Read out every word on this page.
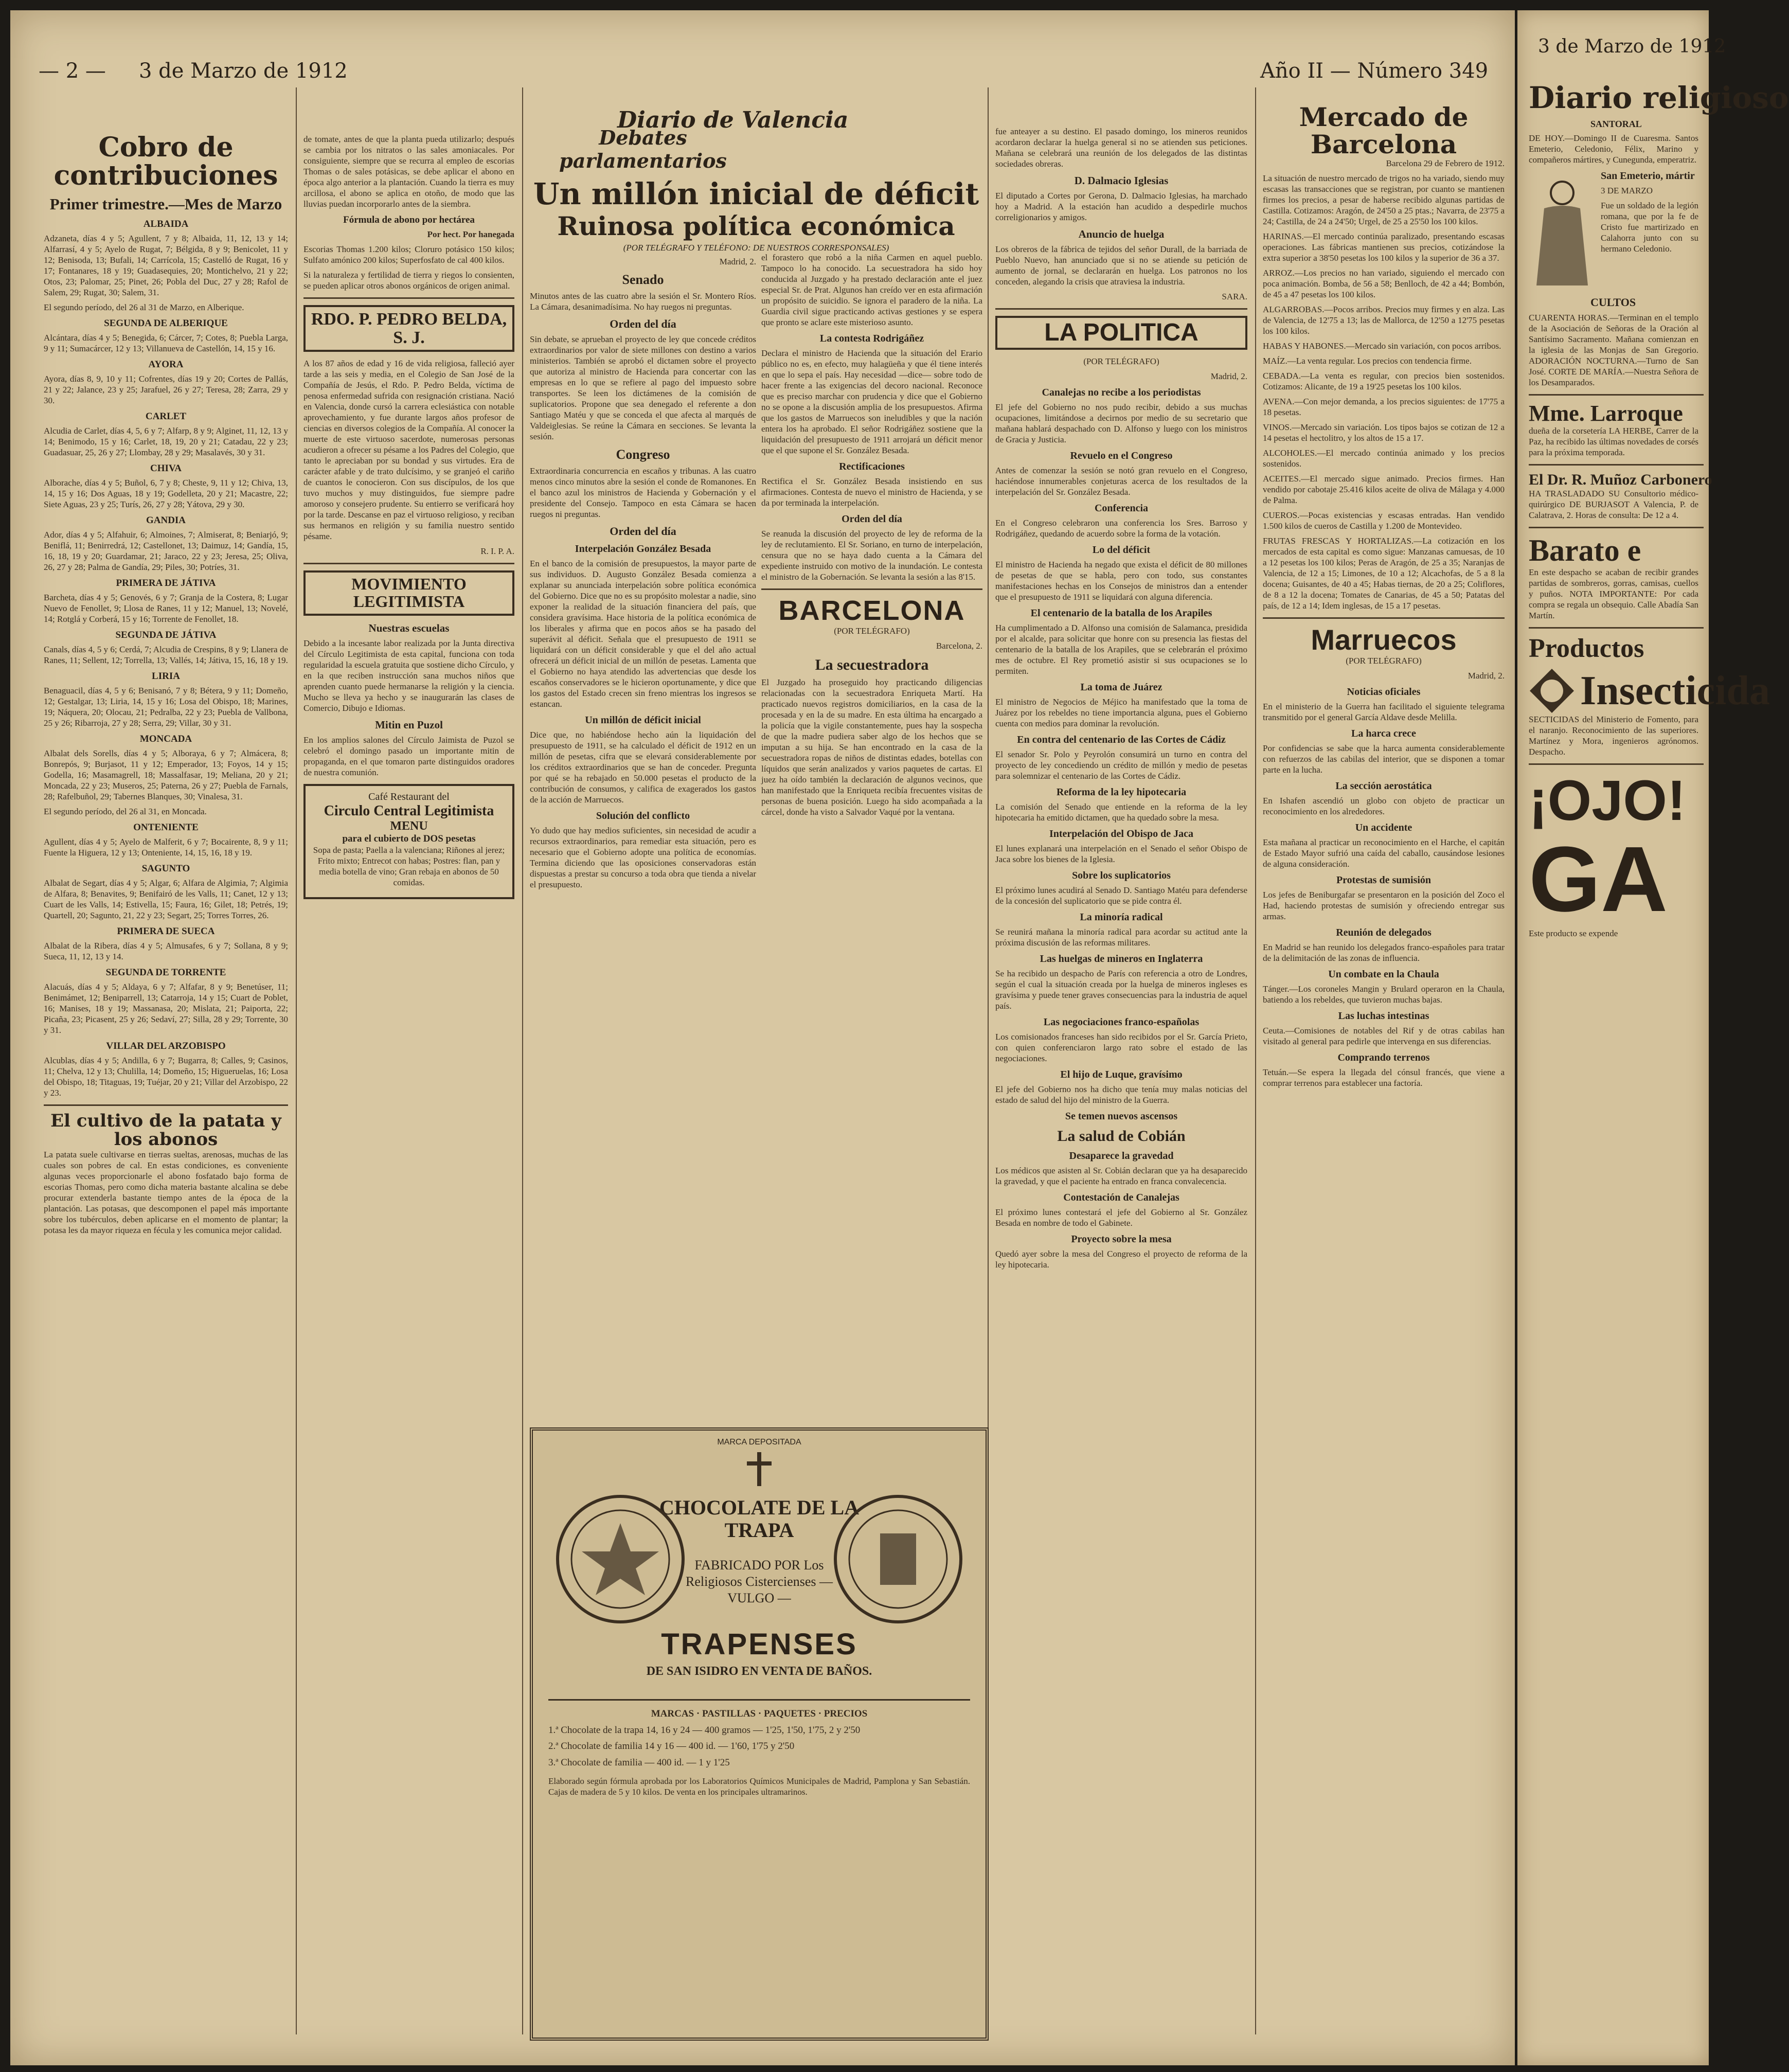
— 2 — 3 de Marzo de 1912
Diario de Valencia
Año II — Número 349
Cobro de contribuciones
Primer trimestre.—Mes de Marzo
ALBAIDA

Adzaneta, días 4 y 5; Agullent, 7 y 8; Albaida, 11, 12, 13 y 14; Alfarrasí, 4 y 5; Ayelo de Rugat, 7; Bélgida, 8 y 9; Benicolet, 11 y 12; Benisoda, 13; Bufali, 14; Carrícola, 15; Castelló de Rugat, 16 y 17; Fontanares, 18 y 19; Guadasequies, 20; Montichelvo, 21 y 22; Otos, 23; Palomar, 25; Pinet, 26; Pobla del Duc, 27 y 28; Rafol de Salem, 29; Rugat, 30; Salem, 31.

El segundo período, del 26 al 31 de Marzo, en Alberique.

SEGUNDA DE ALBERIQUE

Alcántara, días 4 y 5; Benegida, 6; Cárcer, 7; Cotes, 8; Puebla Larga, 9 y 11; Sumacárcer, 12 y 13; Villanueva de Castellón, 14, 15 y 16.

AYORA

Ayora, días 8, 9, 10 y 11; Cofrentes, días 19 y 20; Cortes de Pallás, 21 y 22; Jalance, 23 y 25; Jarafuel, 26 y 27; Teresa, 28; Zarra, 29 y 30.

CARLET

Alcudia de Carlet, días 4, 5, 6 y 7; Alfarp, 8 y 9; Alginet, 11, 12, 13 y 14; Benimodo, 15 y 16; Carlet, 18, 19, 20 y 21; Catadau, 22 y 23; Guadasuar, 25, 26 y 27; Llombay, 28 y 29; Masalavés, 30 y 31.

CHIVA

Alborache, días 4 y 5; Buñol, 6, 7 y 8; Cheste, 9, 11 y 12; Chiva, 13, 14, 15 y 16; Dos Aguas, 18 y 19; Godelleta, 20 y 21; Macastre, 22; Siete Aguas, 23 y 25; Turís, 26, 27 y 28; Yátova, 29 y 30.

GANDIA

Ador, días 4 y 5; Alfahuir, 6; Almoines, 7; Almiserat, 8; Beniarjó, 9; Beniflá, 11; Benirredrá, 12; Castellonet, 13; Daimuz, 14; Gandía, 15, 16, 18, 19 y 20; Guardamar, 21; Jaraco, 22 y 23; Jeresa, 25; Oliva, 26, 27 y 28; Palma de Gandía, 29; Piles, 30; Potríes, 31.

PRIMERA DE JÁTIVA

Barcheta, días 4 y 5; Genovés, 6 y 7; Granja de la Costera, 8; Lugar Nuevo de Fenollet, 9; Llosa de Ranes, 11 y 12; Manuel, 13; Novelé, 14; Rotglá y Corberá, 15 y 16; Torrente de Fenollet, 18.

SEGUNDA DE JÁTIVA

Canals, días 4, 5 y 6; Cerdá, 7; Alcudia de Crespins, 8 y 9; Llanera de Ranes, 11; Sellent, 12; Torrella, 13; Vallés, 14; Játiva, 15, 16, 18 y 19.

LIRIA

Benaguacil, días 4, 5 y 6; Benisanó, 7 y 8; Bétera, 9 y 11; Domeño, 12; Gestalgar, 13; Liria, 14, 15 y 16; Losa del Obispo, 18; Marines, 19; Náquera, 20; Olocau, 21; Pedralba, 22 y 23; Puebla de Vallbona, 25 y 26; Ribarroja, 27 y 28; Serra, 29; Villar, 30 y 31.

MONCADA

Albalat dels Sorells, días 4 y 5; Alboraya, 6 y 7; Almácera, 8; Bonrepós, 9; Burjasot, 11 y 12; Emperador, 13; Foyos, 14 y 15; Godella, 16; Masamagrell, 18; Massalfasar, 19; Meliana, 20 y 21; Moncada, 22 y 23; Museros, 25; Paterna, 26 y 27; Puebla de Farnals, 28; Rafelbuñol, 29; Tabernes Blanques, 30; Vinalesa, 31.

El segundo período, del 26 al 31, en Moncada.

ONTENIENTE

Agullent, días 4 y 5; Ayelo de Malferit, 6 y 7; Bocairente, 8, 9 y 11; Fuente la Higuera, 12 y 13; Onteniente, 14, 15, 16, 18 y 19.

SAGUNTO

Albalat de Segart, días 4 y 5; Algar, 6; Alfara de Algimia, 7; Algimia de Alfara, 8; Benavites, 9; Benifairó de les Valls, 11; Canet, 12 y 13; Cuart de les Valls, 14; Estivella, 15; Faura, 16; Gilet, 18; Petrés, 19; Quartell, 20; Sagunto, 21, 22 y 23; Segart, 25; Torres Torres, 26.

PRIMERA DE SUECA

Albalat de la Ribera, días 4 y 5; Almusafes, 6 y 7; Sollana, 8 y 9; Sueca, 11, 12, 13 y 14.

SEGUNDA DE TORRENTE

Alacuás, días 4 y 5; Aldaya, 6 y 7; Alfafar, 8 y 9; Benetúser, 11; Benimámet, 12; Beniparrell, 13; Catarroja, 14 y 15; Cuart de Poblet, 16; Manises, 18 y 19; Massanasa, 20; Mislata, 21; Paiporta, 22; Picaña, 23; Picasent, 25 y 26; Sedaví, 27; Silla, 28 y 29; Torrente, 30 y 31.

VILLAR DEL ARZOBISPO

Alcublas, días 4 y 5; Andilla, 6 y 7; Bugarra, 8; Calles, 9; Casinos, 11; Chelva, 12 y 13; Chulilla, 14; Domeño, 15; Higueruelas, 16; Losa del Obispo, 18; Titaguas, 19; Tuéjar, 20 y 21; Villar del Arzobispo, 22 y 23.

El cultivo de la patata y los abonos

La patata suele cultivarse en tierras sueltas, arenosas, muchas de las cuales son pobres de cal. En estas condiciones, es conveniente algunas veces proporcionarle el abono fosfatado bajo forma de escorias Thomas, pero como dicha materia bastante alcalina se debe procurar extenderla bastante tiempo antes de la época de la plantación. Las potasas, que descomponen el papel más importante sobre los tubérculos, deben aplicarse en el momento de plantar; la potasa les da mayor riqueza en fécula y les comunica mejor calidad.

de tomate, antes de que la planta pueda utilizarlo; después se cambia por los nitratos o las sales amoniacales. Por consiguiente, siempre que se recurra al empleo de escorias Thomas o de sales potásicas, se debe aplicar el abono en época algo anterior a la plantación. Cuando la tierra es muy arcillosa, el abono se aplica en otoño, de modo que las lluvias puedan incorporarlo antes de la siembra.

Fórmula de abono por hectárea
Por hect. Por hanegada

Escorias Thomas 1.200 kilos; Cloruro potásico 150 kilos; Sulfato amónico 200 kilos; Superfosfato de cal 400 kilos.

Si la naturaleza y fertilidad de tierra y riegos lo consienten, se pueden aplicar otros abonos orgánicos de origen animal.

RDO. P. PEDRO BELDA, S. J.

A los 87 años de edad y 16 de vida religiosa, falleció ayer tarde a las seis y media, en el Colegio de San José de la Compañía de Jesús, el Rdo. P. Pedro Belda, víctima de penosa enfermedad sufrida con resignación cristiana. Nació en Valencia, donde cursó la carrera eclesiástica con notable aprovechamiento, y fue durante largos años profesor de ciencias en diversos colegios de la Compañía. Al conocer la muerte de este virtuoso sacerdote, numerosas personas acudieron a ofrecer su pésame a los Padres del Colegio, que tanto le apreciaban por su bondad y sus virtudes. Era de carácter afable y de trato dulcísimo, y se granjeó el cariño de cuantos le conocieron. Con sus discípulos, de los que tuvo muchos y muy distinguidos, fue siempre padre amoroso y consejero prudente. Su entierro se verificará hoy por la tarde. Descanse en paz el virtuoso religioso, y reciban sus hermanos en religión y su familia nuestro sentido pésame.

R. I. P. A.

MOVIMIENTO LEGITIMISTA
Nuestras escuelas

Debido a la incesante labor realizada por la Junta directiva del Círculo Legitimista de esta capital, funciona con toda regularidad la escuela gratuita que sostiene dicho Círculo, y en la que reciben instrucción sana muchos niños que aprenden cuanto puede hermanarse la religión y la ciencia. Mucho se lleva ya hecho y se inaugurarán las clases de Comercio, Dibujo e Idiomas.

Mitin en Puzol

En los amplios salones del Círculo Jaimista de Puzol se celebró el domingo pasado un importante mitin de propaganda, en el que tomaron parte distinguidos oradores de nuestra comunión.

Café Restaurant del
Circulo Central Legitimista
MENU
para el cubierto de DOS pesetas
Sopa de pasta; Paella a la valenciana; Riñones al jerez; Frito mixto; Entrecot con habas; Postres: flan, pan y media botella de vino; Gran rebaja en abonos de 50 comidas.
Debates parlamentarios
Un millón inicial de déficit
Ruinosa política económica
(POR TELÉGRAFO Y TELÉFONO: DE NUESTROS CORRESPONSALES)
Madrid, 2.
Senado

Minutos antes de las cuatro abre la sesión el Sr. Montero Ríos. La Cámara, desanimadísima. No hay ruegos ni preguntas.

Orden del día

Sin debate, se aprueban el proyecto de ley que concede créditos extraordinarios por valor de siete millones con destino a varios ministerios. También se aprobó el dictamen sobre el proyecto que autoriza al ministro de Hacienda para concertar con las empresas en lo que se refiere al pago del impuesto sobre transportes. Se leen los dictámenes de la comisión de suplicatorios. Propone que sea denegado el referente a don Santiago Matéu y que se conceda el que afecta al marqués de Valdeiglesias. Se reúne la Cámara en secciones. Se levanta la sesión.

Congreso

Extraordinaria concurrencia en escaños y tribunas. A las cuatro menos cinco minutos abre la sesión el conde de Romanones. En el banco azul los ministros de Hacienda y Gobernación y el presidente del Consejo. Tampoco en esta Cámara se hacen ruegos ni preguntas.

Orden del día
Interpelación González Besada

En el banco de la comisión de presupuestos, la mayor parte de sus individuos. D. Augusto González Besada comienza a explanar su anunciada interpelación sobre política económica del Gobierno. Dice que no es su propósito molestar a nadie, sino exponer la realidad de la situación financiera del país, que considera gravísima. Hace historia de la política económica de los liberales y afirma que en pocos años se ha pasado del superávit al déficit. Señala que el presupuesto de 1911 se liquidará con un déficit considerable y que el del año actual ofrecerá un déficit inicial de un millón de pesetas. Lamenta que el Gobierno no haya atendido las advertencias que desde los escaños conservadores se le hicieron oportunamente, y dice que los gastos del Estado crecen sin freno mientras los ingresos se estancan.

Un millón de déficit inicial

Dice que, no habiéndose hecho aún la liquidación del presupuesto de 1911, se ha calculado el déficit de 1912 en un millón de pesetas, cifra que se elevará considerablemente por los créditos extraordinarios que se han de conceder. Pregunta por qué se ha rebajado en 50.000 pesetas el producto de la contribución de consumos, y califica de exagerados los gastos de la acción de Marruecos.

Solución del conflicto

Yo dudo que hay medios suficientes, sin necesidad de acudir a recursos extraordinarios, para remediar esta situación, pero es necesario que el Gobierno adopte una política de economías. Termina diciendo que las oposiciones conservadoras están dispuestas a prestar su concurso a toda obra que tienda a nivelar el presupuesto.

MARCA DEPOSITADA
CHOCOLATE DE LA TRAPA
FABRICADO POR Los Religiosos Cistercienses — VULGO —
TRAPENSES
DE SAN ISIDRO EN VENTA DE BAÑOS.
MARCAS · PASTILLAS · PAQUETES · PRECIOS
1.ª Chocolate de la trapa 14, 16 y 24 — 400 gramos — 1'25, 1'50, 1'75, 2 y 2'50
2.ª Chocolate de familia 14 y 16 — 400 id. — 1'60, 1'75 y 2'50
3.ª Chocolate de familia — 400 id. — 1 y 1'25
Elaborado según fórmula aprobada por los Laboratorios Químicos Municipales de Madrid, Pamplona y San Sebastián. Cajas de madera de 5 y 10 kilos. De venta en los principales ultramarinos.

el forastero que robó a la niña Carmen en aquel pueblo. Tampoco lo ha conocido. La secuestradora ha sido hoy conducida al Juzgado y ha prestado declaración ante el juez especial Sr. de Prat. Algunos han creído ver en esta afirmación un propósito de suicidio. Se ignora el paradero de la niña. La Guardia civil sigue practicando activas gestiones y se espera que pronto se aclare este misterioso asunto.

La contesta Rodrigáñez

Declara el ministro de Hacienda que la situación del Erario público no es, en efecto, muy halagüeña y que él tiene interés en que lo sepa el país. Hay necesidad —dice— sobre todo de hacer frente a las exigencias del decoro nacional. Reconoce que es preciso marchar con prudencia y dice que el Gobierno no se opone a la discusión amplia de los presupuestos. Afirma que los gastos de Marruecos son ineludibles y que la nación entera los ha aprobado. El señor Rodrigáñez sostiene que la liquidación del presupuesto de 1911 arrojará un déficit menor que el que supone el Sr. González Besada.

Rectificaciones

Rectifica el Sr. González Besada insistiendo en sus afirmaciones. Contesta de nuevo el ministro de Hacienda, y se da por terminada la interpelación.

Orden del día

Se reanuda la discusión del proyecto de ley de reforma de la ley de reclutamiento. El Sr. Soriano, en turno de interpelación, censura que no se haya dado cuenta a la Cámara del expediente instruido con motivo de la inundación. Le contesta el ministro de la Gobernación. Se levanta la sesión a las 8'15.

BARCELONA
(POR TELÉGRAFO)
Barcelona, 2.
La secuestradora

El Juzgado ha proseguido hoy practicando diligencias relacionadas con la secuestradora Enriqueta Martí. Ha practicado nuevos registros domiciliarios, en la casa de la procesada y en la de su madre. En esta última ha encargado a la policía que la vigile constantemente, pues hay la sospecha de que la madre pudiera saber algo de los hechos que se imputan a su hija. Se han encontrado en la casa de la secuestradora ropas de niños de distintas edades, botellas con líquidos que serán analizados y varios paquetes de cartas. El juez ha oído también la declaración de algunos vecinos, que han manifestado que la Enriqueta recibía frecuentes visitas de personas de buena posición. Luego ha sido acompañada a la cárcel, donde ha visto a Salvador Vaqué por la ventana.

fue anteayer a su destino. El pasado domingo, los mineros reunidos acordaron declarar la huelga general si no se atienden sus peticiones. Mañana se celebrará una reunión de los delegados de las distintas sociedades obreras.

D. Dalmacio Iglesias

El diputado a Cortes por Gerona, D. Dalmacio Iglesias, ha marchado hoy a Madrid. A la estación han acudido a despedirle muchos correligionarios y amigos.

Anuncio de huelga

Los obreros de la fábrica de tejidos del señor Durall, de la barriada de Pueblo Nuevo, han anunciado que si no se atiende su petición de aumento de jornal, se declararán en huelga. Los patronos no los conceden, alegando la crisis que atraviesa la industria.

SARA.

LA POLITICA
(POR TELÉGRAFO)
Madrid, 2.
Canalejas no recibe a los periodistas

El jefe del Gobierno no nos pudo recibir, debido a sus muchas ocupaciones, limitándose a decirnos por medio de su secretario que mañana hablará despachado con D. Alfonso y luego con los ministros de Gracia y Justicia.

Revuelo en el Congreso

Antes de comenzar la sesión se notó gran revuelo en el Congreso, haciéndose innumerables conjeturas acerca de los resultados de la interpelación del Sr. González Besada.

Conferencia

En el Congreso celebraron una conferencia los Sres. Barroso y Rodrigáñez, quedando de acuerdo sobre la forma de la votación.

Lo del déficit

El ministro de Hacienda ha negado que exista el déficit de 80 millones de pesetas de que se habla, pero con todo, sus constantes manifestaciones hechas en los Consejos de ministros dan a entender que el presupuesto de 1911 se liquidará con alguna diferencia.

El centenario de la batalla de los Arapiles

Ha cumplimentado a D. Alfonso una comisión de Salamanca, presidida por el alcalde, para solicitar que honre con su presencia las fiestas del centenario de la batalla de los Arapiles, que se celebrarán el próximo mes de octubre. El Rey prometió asistir si sus ocupaciones se lo permiten.

La toma de Juárez

El ministro de Negocios de Méjico ha manifestado que la toma de Juárez por los rebeldes no tiene importancia alguna, pues el Gobierno cuenta con medios para dominar la revolución.

En contra del centenario de las Cortes de Cádiz

El senador Sr. Polo y Peyrolón consumirá un turno en contra del proyecto de ley concediendo un crédito de millón y medio de pesetas para solemnizar el centenario de las Cortes de Cádiz.

Reforma de la ley hipotecaria

La comisión del Senado que entiende en la reforma de la ley hipotecaria ha emitido dictamen, que ha quedado sobre la mesa.

Interpelación del Obispo de Jaca

El lunes explanará una interpelación en el Senado el señor Obispo de Jaca sobre los bienes de la Iglesia.

Sobre los suplicatorios

El próximo lunes acudirá al Senado D. Santiago Matéu para defenderse de la concesión del suplicatorio que se pide contra él.

La minoría radical

Se reunirá mañana la minoría radical para acordar su actitud ante la próxima discusión de las reformas militares.

Las huelgas de mineros en Inglaterra

Se ha recibido un despacho de París con referencia a otro de Londres, según el cual la situación creada por la huelga de mineros ingleses es gravísima y puede tener graves consecuencias para la industria de aquel país.

Las negociaciones franco-españolas

Los comisionados franceses han sido recibidos por el Sr. García Prieto, con quien conferenciaron largo rato sobre el estado de las negociaciones.

El hijo de Luque, gravísimo

El jefe del Gobierno nos ha dicho que tenía muy malas noticias del estado de salud del hijo del ministro de la Guerra.

Se temen nuevos ascensos
La salud de Cobián
Desaparece la gravedad

Los médicos que asisten al Sr. Cobián declaran que ya ha desaparecido la gravedad, y que el paciente ha entrado en franca convalecencia.

Contestación de Canalejas

El próximo lunes contestará el jefe del Gobierno al Sr. González Besada en nombre de todo el Gabinete.

Proyecto sobre la mesa

Quedó ayer sobre la mesa del Congreso el proyecto de reforma de la ley hipotecaria.

Mercado de Barcelona
Barcelona 29 de Febrero de 1912.

La situación de nuestro mercado de trigos no ha variado, siendo muy escasas las transacciones que se registran, por cuanto se mantienen firmes los precios, a pesar de haberse recibido algunas partidas de Castilla. Cotizamos: Aragón, de 24'50 a 25 ptas.; Navarra, de 23'75 a 24; Castilla, de 24 a 24'50; Urgel, de 25 a 25'50 los 100 kilos.

HARINAS.—El mercado continúa paralizado, presentando escasas operaciones. Las fábricas mantienen sus precios, cotizándose la extra superior a 38'50 pesetas los 100 kilos y la superior de 36 a 37.

ARROZ.—Los precios no han variado, siguiendo el mercado con poca animación. Bomba, de 56 a 58; Benlloch, de 42 a 44; Bombón, de 45 a 47 pesetas los 100 kilos.

ALGARROBAS.—Pocos arribos. Precios muy firmes y en alza. Las de Valencia, de 12'75 a 13; las de Mallorca, de 12'50 a 12'75 pesetas los 100 kilos.

HABAS Y HABONES.—Mercado sin variación, con pocos arribos.

MAÍZ.—La venta regular. Los precios con tendencia firme.

CEBADA.—La venta es regular, con precios bien sostenidos. Cotizamos: Alicante, de 19 a 19'25 pesetas los 100 kilos.

AVENA.—Con mejor demanda, a los precios siguientes: de 17'75 a 18 pesetas.

VINOS.—Mercado sin variación. Los tipos bajos se cotizan de 12 a 14 pesetas el hectolitro, y los altos de 15 a 17.

ALCOHOLES.—El mercado continúa animado y los precios sostenidos.

ACEITES.—El mercado sigue animado. Precios firmes. Han vendido por cabotaje 25.416 kilos aceite de oliva de Málaga y 4.000 de Palma.

CUEROS.—Pocas existencias y escasas entradas. Han vendido 1.500 kilos de cueros de Castilla y 1.200 de Montevideo.

FRUTAS FRESCAS Y HORTALIZAS.—La cotización en los mercados de esta capital es como sigue: Manzanas camuesas, de 10 a 12 pesetas los 100 kilos; Peras de Aragón, de 25 a 35; Naranjas de Valencia, de 12 a 15; Limones, de 10 a 12; Alcachofas, de 5 a 8 la docena; Guisantes, de 40 a 45; Habas tiernas, de 20 a 25; Coliflores, de 8 a 12 la docena; Tomates de Canarias, de 45 a 50; Patatas del país, de 12 a 14; Idem inglesas, de 15 a 17 pesetas.

Marruecos
(POR TELÉGRAFO)
Madrid, 2.
Noticias oficiales

En el ministerio de la Guerra han facilitado el siguiente telegrama transmitido por el general García Aldave desde Melilla.

La harca crece

Por confidencias se sabe que la harca aumenta considerablemente con refuerzos de las cabilas del interior, que se disponen a tomar parte en la lucha.

La sección aerostática

En Ishafen ascendió un globo con objeto de practicar un reconocimiento en los alrededores.

Un accidente

Esta mañana al practicar un reconocimiento en el Harche, el capitán de Estado Mayor sufrió una caída del caballo, causándose lesiones de alguna consideración.

Protestas de sumisión

Los jefes de Beniburgafar se presentaron en la posición del Zoco el Had, haciendo protestas de sumisión y ofreciendo entregar sus armas.

Reunión de delegados

En Madrid se han reunido los delegados franco-españoles para tratar de la delimitación de las zonas de influencia.

Un combate en la Chaula

Tánger.—Los coroneles Mangin y Brulard operaron en la Chaula, batiendo a los rebeldes, que tuvieron muchas bajas.

Las luchas intestinas

Ceuta.—Comisiones de notables del Rif y de otras cabilas han visitado al general para pedirle que intervenga en sus diferencias.

Comprando terrenos

Tetuán.—Se espera la llegada del cónsul francés, que viene a comprar terrenos para establecer una factoría.

3 de Marzo de 1912
Diario religioso
SANTORAL

DE HOY.—Domingo II de Cuaresma. Santos Emeterio, Celedonio, Félix, Marino y compañeros mártires, y Cunegunda, emperatriz.

San Emeterio, mártir
3 DE MARZO

Fue un soldado de la legión romana, que por la fe de Cristo fue martirizado en Calahorra junto con su hermano Celedonio.

CULTOS

CUARENTA HORAS.—Terminan en el templo de la Asociación de Señoras de la Oración al Santísimo Sacramento. Mañana comienzan en la iglesia de las Monjas de San Gregorio. ADORACIÓN NOCTURNA.—Turno de San José. CORTE DE MARÍA.—Nuestra Señora de los Desamparados.

Mme. Larroque

dueña de la corsetería LA HERBE, Carrer de la Paz, ha recibido las últimas novedades de corsés para la próxima temporada.

El Dr. R. Muñoz Carbonero

HA TRASLADADO SU Consultorio médico-quirúrgico DE BURJASOT A Valencia, P. de Calatrava, 2. Horas de consulta: De 12 a 4.

Barato e

En este despacho se acaban de recibir grandes partidas de sombreros, gorras, camisas, cuellos y puños. NOTA IMPORTANTE: Por cada compra se regala un obsequio. Calle Abadía San Martín.

Productos
Insecticida

SECTICIDAS del Ministerio de Fomento, para el naranjo. Reconocimiento de las superiores. Martínez y Mora, ingenieros agrónomos. Despacho.

¡OJO!
GA

Este producto se expende
